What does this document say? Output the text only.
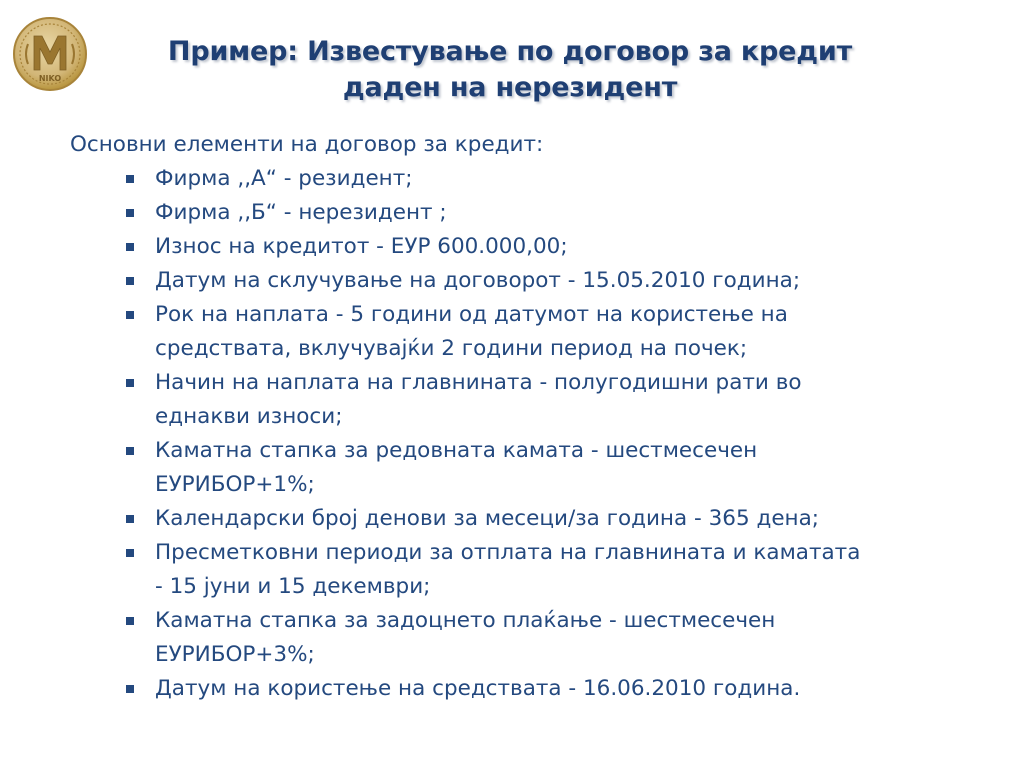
NIKO
Пример: Известување по договор за кредит
даден на нерезидент
Основни елементи на договор за кредит:
Фирма ,,А“ - резидент;
Фирма ,,Б“ - нерезидент ;
Износ на кредитот - ЕУР 600.000,00;
Датум на склучување на договорот - 15.05.2010 година;
Рок на наплата - 5 години од датумот на користење на
средствата, вклучувајќи 2 години период на почек;
Начин на наплата на главнината - полугодишни рати во
еднакви износи;
Каматна стапка за редовната камата - шестмесечен
ЕУРИБОР+1%;
Календарски број денови за месеци/за година - 365 дена;
Пресметковни периоди за отплата на главнината и каматата
- 15 јуни и 15 декември;
Каматна стапка за задоцнето плаќање - шестмесечен
ЕУРИБОР+3%;
Датум на користење на средствата - 16.06.2010 година.
